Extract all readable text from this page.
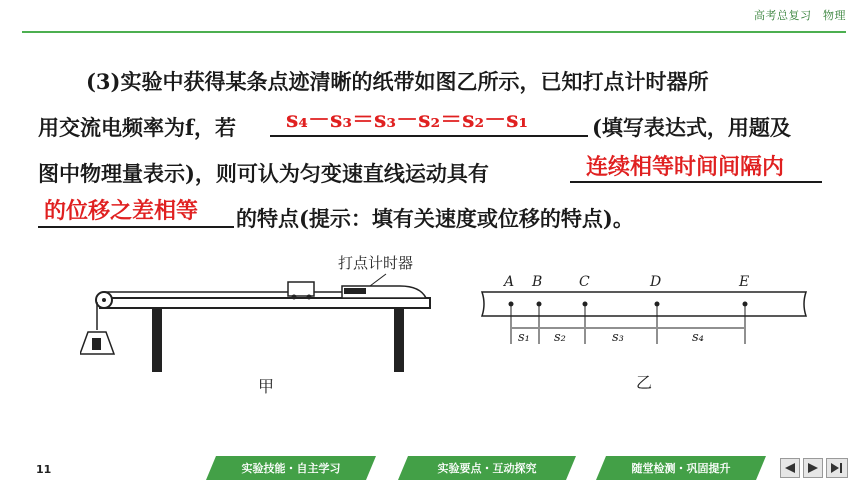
高考总复习　物理
(3)实验中获得某条点迹清晰的纸带如图乙所示，已知打点计时器所
用交流电频率为f，若 s₄－s₃＝s₃－s₂＝s₂－s₁	(填写表达式，用题及
图中物理量表示)，则可认为匀变速直线运动具有	连续相等时间间隔内
的位移之差相等 的特点(提示：填有关速度或位移的特点)。
打点计时器
甲
A B	C	D	E
s₁ s₂	s₃	s₄
乙
11	实验技能・自主学习	实验要点・互动探究	随堂检测・巩固提升
